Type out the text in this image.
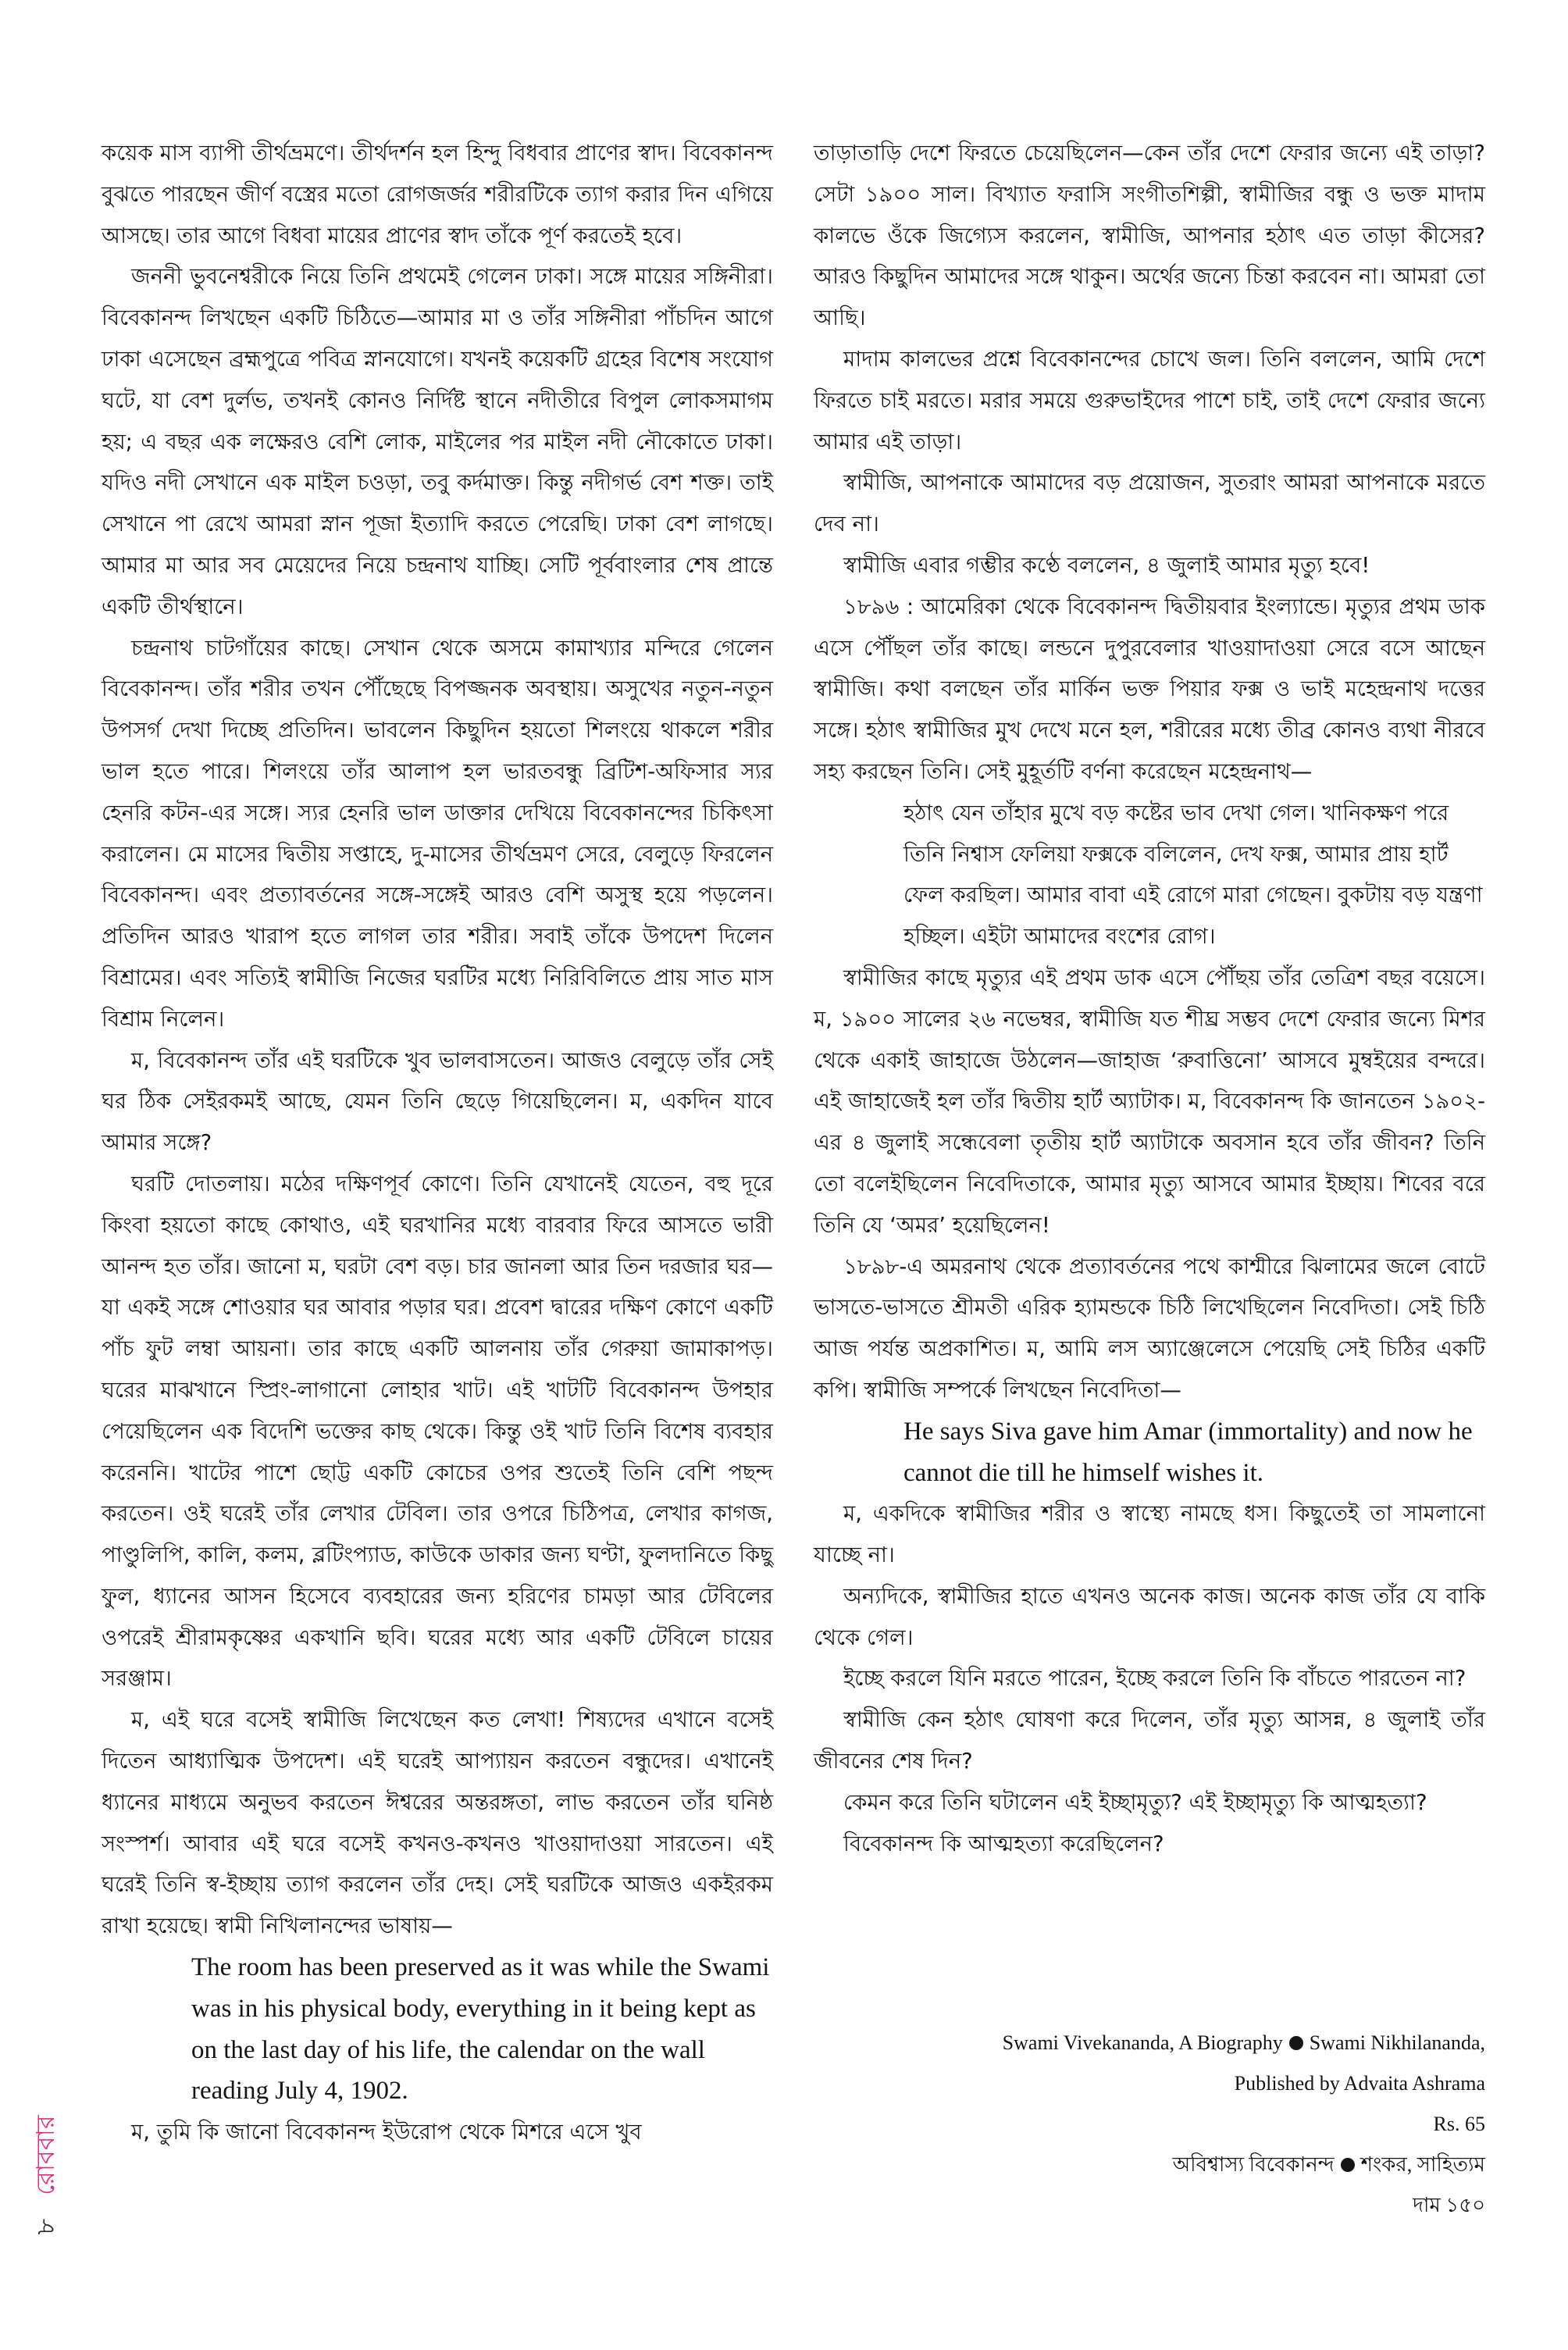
কয়েক মাস ব্যাপী তীর্থভ্রমণে। তীর্থদর্শন হল হিন্দু বিধবার প্রাণের স্বাদ। বিবেকানন্দ বুঝতে পারছেন জীর্ণ বস্ত্রের মতো রোগজর্জর শরীরটিকে ত্যাগ করার দিন এগিয়ে আসছে। তার আগে বিধবা মায়ের প্রাণের স্বাদ তাঁকে পূর্ণ করতেই হবে।

জননী ভুবনেশ্বরীকে নিয়ে তিনি প্রথমেই গেলেন ঢাকা। সঙ্গে মায়ের সঙ্গিনীরা। বিবেকানন্দ লিখছেন একটি চিঠিতে—আমার মা ও তাঁর সঙ্গিনীরা পাঁচদিন আগে ঢাকা এসেছেন ব্রহ্মপুত্রে পবিত্র স্নানযোগে। যখনই কয়েকটি গ্রহের বিশেষ সংযোগ ঘটে, যা বেশ দুর্লভ, তখনই কোনও নির্দিষ্ট স্থানে নদীতীরে বিপুল লোকসমাগম হয়; এ বছর এক লক্ষেরও বেশি লোক, মাইলের পর মাইল নদী নৌকোতে ঢাকা। যদিও নদী সেখানে এক মাইল চওড়া, তবু কর্দমাক্ত। কিন্তু নদীগর্ভ বেশ শক্ত। তাই সেখানে পা রেখে আমরা স্নান পূজা ইত্যাদি করতে পেরেছি। ঢাকা বেশ লাগছে। আমার মা আর সব মেয়েদের নিয়ে চন্দ্রনাথ যাচ্ছি। সেটি পূর্ববাংলার শেষ প্রান্তে একটি তীর্থস্থানে।

চন্দ্রনাথ চাটগাঁয়ের কাছে। সেখান থেকে অসমে কামাখ্যার মন্দিরে গেলেন বিবেকানন্দ। তাঁর শরীর তখন পৌঁছেছে বিপজ্জনক অবস্থায়। অসুখের নতুন-নতুন উপসর্গ দেখা দিচ্ছে প্রতিদিন। ভাবলেন কিছুদিন হয়তো শিলংয়ে থাকলে শরীর ভাল হতে পারে। শিলংয়ে তাঁর আলাপ হল ভারতবন্ধু ব্রিটিশ-অফিসার স্যর হেনরি কটন-এর সঙ্গে। স্যর হেনরি ভাল ডাক্তার দেখিয়ে বিবেকানন্দের চিকিৎসা করালেন। মে মাসের দ্বিতীয় সপ্তাহে, দু-মাসের তীর্থভ্রমণ সেরে, বেলুড়ে ফিরলেন বিবেকানন্দ। এবং প্রত্যাবর্তনের সঙ্গে-সঙ্গেই আরও বেশি অসুস্থ হয়ে পড়লেন। প্রতিদিন আরও খারাপ হতে লাগল তার শরীর। সবাই তাঁকে উপদেশ দিলেন বিশ্রামের। এবং সত্যিই স্বামীজি নিজের ঘরটির মধ্যে নিরিবিলিতে প্রায় সাত মাস বিশ্রাম নিলেন।

ম, বিবেকানন্দ তাঁর এই ঘরটিকে খুব ভালবাসতেন। আজও বেলুড়ে তাঁর সেই ঘর ঠিক সেইরকমই আছে, যেমন তিনি ছেড়ে গিয়েছিলেন। ম, একদিন যাবে আমার সঙ্গে?

ঘরটি দোতলায়। মঠের দক্ষিণপূর্ব কোণে। তিনি যেখানেই যেতেন, বহু দূরে কিংবা হয়তো কাছে কোথাও, এই ঘরখানির মধ্যে বারবার ফিরে আসতে ভারী আনন্দ হত তাঁর। জানো ম, ঘরটা বেশ বড়। চার জানলা আর তিন দরজার ঘর—যা একই সঙ্গে শোওয়ার ঘর আবার পড়ার ঘর। প্রবেশ দ্বারের দক্ষিণ কোণে একটি পাঁচ ফুট লম্বা আয়না। তার কাছে একটি আলনায় তাঁর গেরুয়া জামাকাপড়। ঘরের মাঝখানে স্প্রিং-লাগানো লোহার খাট। এই খাটটি বিবেকানন্দ উপহার পেয়েছিলেন এক বিদেশি ভক্তের কাছ থেকে। কিন্তু ওই খাট তিনি বিশেষ ব্যবহার করেননি। খাটের পাশে ছোট্ট একটি কোচের ওপর শুতেই তিনি বেশি পছন্দ করতেন। ওই ঘরেই তাঁর লেখার টেবিল। তার ওপরে চিঠিপত্র, লেখার কাগজ, পাণ্ডুলিপি, কালি, কলম, ব্লটিংপ্যাড, কাউকে ডাকার জন্য ঘণ্টা, ফুলদানিতে কিছু ফুল, ধ্যানের আসন হিসেবে ব্যবহারের জন্য হরিণের চামড়া আর টেবিলের ওপরেই শ্রীরামকৃষ্ণের একখানি ছবি। ঘরের মধ্যে আর একটি টেবিলে চায়ের সরঞ্জাম।

ম, এই ঘরে বসেই স্বামীজি লিখেছেন কত লেখা! শিষ্যদের এখানে বসেই দিতেন আধ্যাত্মিক উপদেশ। এই ঘরেই আপ্যায়ন করতেন বন্ধুদের। এখানেই ধ্যানের মাধ্যমে অনুভব করতেন ঈশ্বরের অন্তরঙ্গতা, লাভ করতেন তাঁর ঘনিষ্ঠ সংস্পর্শ। আবার এই ঘরে বসেই কখনও-কখনও খাওয়াদাওয়া সারতেন। এই ঘরেই তিনি স্ব-ইচ্ছায় ত্যাগ করলেন তাঁর দেহ। সেই ঘরটিকে আজও একইরকম রাখা হয়েছে। স্বামী নিখিলানন্দের ভাষায়—

The room has been preserved as it was while the Swami was in his physical body, everything in it being kept as on the last day of his life, the calendar on the wall reading July 4, 1902.

ম, তুমি কি জানো বিবেকানন্দ ইউরোপ থেকে মিশরে এসে খুব

তাড়াতাড়ি দেশে ফিরতে চেয়েছিলেন—কেন তাঁর দেশে ফেরার জন্যে এই তাড়া? সেটা ১৯০০ সাল। বিখ্যাত ফরাসি সংগীতশিল্পী, স্বামীজির বন্ধু ও ভক্ত মাদাম কালভে ওঁকে জিগ্যেস করলেন, স্বামীজি, আপনার হঠাৎ এত তাড়া কীসের? আরও কিছুদিন আমাদের সঙ্গে থাকুন। অর্থের জন্যে চিন্তা করবেন না। আমরা তো আছি।

মাদাম কালভের প্রশ্নে বিবেকানন্দের চোখে জল। তিনি বললেন, আমি দেশে ফিরতে চাই মরতে। মরার সময়ে গুরুভাইদের পাশে চাই, তাই দেশে ফেরার জন্যে আমার এই তাড়া।

স্বামীজি, আপনাকে আমাদের বড় প্রয়োজন, সুতরাং আমরা আপনাকে মরতে দেব না।

স্বামীজি এবার গম্ভীর কণ্ঠে বললেন, ৪ জুলাই আমার মৃত্যু হবে!

১৮৯৬ : আমেরিকা থেকে বিবেকানন্দ দ্বিতীয়বার ইংল্যান্ডে। মৃত্যুর প্রথম ডাক এসে পৌঁছল তাঁর কাছে। লন্ডনে দুপুরবেলার খাওয়াদাওয়া সেরে বসে আছেন স্বামীজি। কথা বলছেন তাঁর মার্কিন ভক্ত পিয়ার ফক্স ও ভাই মহেন্দ্রনাথ দত্তের সঙ্গে। হঠাৎ স্বামীজির মুখ দেখে মনে হল, শরীরের মধ্যে তীব্র কোনও ব্যথা নীরবে সহ্য করছেন তিনি। সেই মুহূর্তটি বর্ণনা করেছেন মহেন্দ্রনাথ—

হঠাৎ যেন তাঁহার মুখে বড় কষ্টের ভাব দেখা গেল। খানিকক্ষণ পরে তিনি নিশ্বাস ফেলিয়া ফক্সকে বলিলেন, দেখ ফক্স, আমার প্রায় হার্ট ফেল করছিল। আমার বাবা এই রোগে মারা গেছেন। বুকটায় বড় যন্ত্রণা হচ্ছিল। এইটা আমাদের বংশের রোগ।

স্বামীজির কাছে মৃত্যুর এই প্রথম ডাক এসে পৌঁছয় তাঁর তেত্রিশ বছর বয়েসে। ম, ১৯০০ সালের ২৬ নভেম্বর, স্বামীজি যত শীঘ্র সম্ভব দেশে ফেরার জন্যে মিশর থেকে একাই জাহাজে উঠলেন—জাহাজ ‘রুবাত্তিনো’ আসবে মুম্বইয়ের বন্দরে। এই জাহাজেই হল তাঁর দ্বিতীয় হার্ট অ্যাটাক। ম, বিবেকানন্দ কি জানতেন ১৯০২-এর ৪ জুলাই সন্ধেবেলা তৃতীয় হার্ট অ্যাটাকে অবসান হবে তাঁর জীবন? তিনি তো বলেইছিলেন নিবেদিতাকে, আমার মৃত্যু আসবে আমার ইচ্ছায়। শিবের বরে তিনি যে ‘অমর’ হয়েছিলেন!

১৮৯৮-এ অমরনাথ থেকে প্রত্যাবর্তনের পথে কাশ্মীরে ঝিলামের জলে বোটে ভাসতে-ভাসতে শ্রীমতী এরিক হ্যামন্ডকে চিঠি লিখেছিলেন নিবেদিতা। সেই চিঠি আজ পর্যন্ত অপ্রকাশিত। ম, আমি লস অ্যাঞ্জেলেসে পেয়েছি সেই চিঠির একটি কপি। স্বামীজি সম্পর্কে লিখছেন নিবেদিতা—

He says Siva gave him Amar (immortality) and now he cannot die till he himself wishes it.

ম, একদিকে স্বামীজির শরীর ও স্বাস্থ্যে নামছে ধস। কিছুতেই তা সামলানো যাচ্ছে না।

অন্যদিকে, স্বামীজির হাতে এখনও অনেক কাজ। অনেক কাজ তাঁর যে বাকি থেকে গেল।

ইচ্ছে করলে যিনি মরতে পারেন, ইচ্ছে করলে তিনি কি বাঁচতে পারতেন না?

স্বামীজি কেন হঠাৎ ঘোষণা করে দিলেন, তাঁর মৃত্যু আসন্ন, ৪ জুলাই তাঁর জীবনের শেষ দিন?

কেমন করে তিনি ঘটালেন এই ইচ্ছামৃত্যু? এই ইচ্ছামৃত্যু কি আত্মহত্যা?

বিবেকানন্দ কি আত্মহত্যা করেছিলেন?

Swami Vivekananda, A Biography Swami Nikhilananda,
Published by Advaita Ashrama
Rs. 65
অবিশ্বাস্য বিবেকানন্দ শংকর, সাহিত্যম
দাম ১৫০
৮রোববার
